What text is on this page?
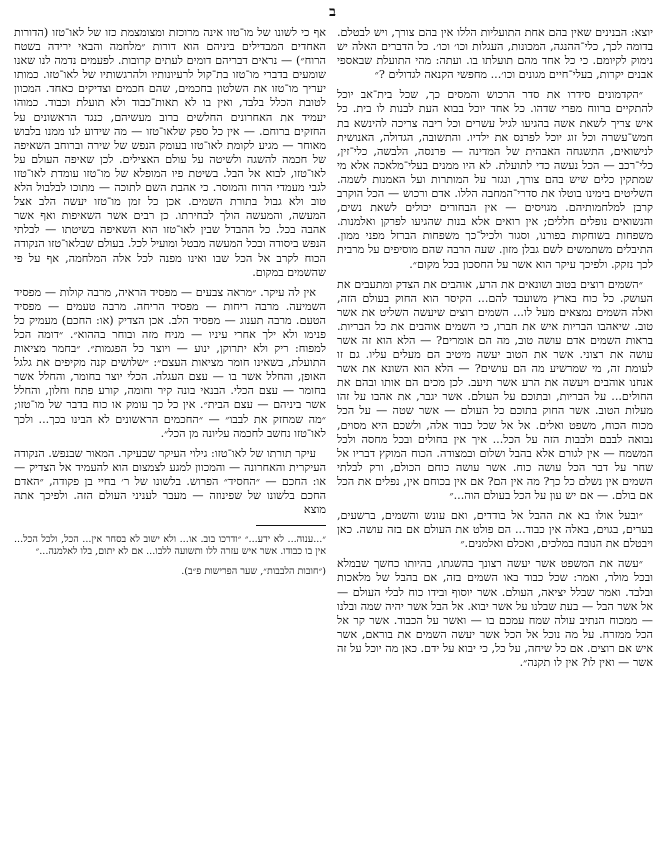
ב

יוצא: הבנינים שאין בהם אחת התועליות הללו אין בהם צורך, ויש לבטלם. בדומה לכך, כלי־ההנגה, המכונות, העגלות וכו׳ וכו׳. כל הדברים האלה יש נימוק לקיומם. כי כל אחד מהם תועלתו בו. ועתה: מהי התועלת שבאספי אבנים יקרות, בעלי־חיים מגונים וכו׳... מחפשי הקנאה לגדולים ?״

״הקדמונים סידרו את סדר הרכוש והמסים כך, שכל בית־אב יוכל להתקיים ברווח מפרי שדהו. כל אחד יוכל בבוא העת לבנות לו בית. כל איש צריך לשאת אשה בהגיעו לגיל עשרים וכל ריבה צריכה להינשא בת חמש־עשרה וכל זוג יוכל לפרנס את ילדיו. והתשובה, הגדולה, האנושית לנישואים, התשגחה האבהית של המדינה — פרנסה, הלבשה, כלי־זין, כלי־רכב — הכל נעשה כדי לתועלת. לא היו ממנים בעלי־מלאכה אלא מי שמתקין כלים שיש בהם צורך, ונגזר על המותרות ועל האמנות לשמה. השליטים בימינו בוטלו את סדרי־המחבה הללו. אדם ורכוש — הכל הוקרב קרבן למלחמותיהם. מגויסים — אין הבחורים יכולים לשאת נשים, והנשואים נופלים חללים; אין רואים אלא בנות שהגיעו לפרקן ואלמנות. משפחות בשוחקות בפורנו, וסגור ולכיל־כך משפחות הברזל מפני ממון. התיבלים משתמשים לשם גבלן מזון. שעה הרבה שהם מוסיפים על מרבית לכך נזקק. ולפיכך עיקר הוא אשר על החסכון בכל מקום״.

״השמים רוצים בטוב ושונאים את הרע, אוהבים את הצדק ומתעבים את העושק. כל כוח בארץ משועבד להם... הקיסר הוא החוק בעולם הזה, ואלה השמים נמצאים מעל לו... השמים רוצים שיעשה השליט את אשר טוב. שיאהבו הבריות איש את חברו, כי השמים אוהבים את כל הבריות. בראות השמים אדם עושה טוב, מה הם אומרים? — הלא הוא זה אשר עושה את רצוני. אשר את הטוב יעשה מיטיב הם מעלים עליו. גם זו לעומת זה, מי שמרשיע מה הם עושים? — הלא הוא השונא את אשר אנחנו אוהבים ויעשה את הרע אשר תיעב. לכן מכים הם אותו ובהם את החולים... על הבריות, ובתוכם על העולם. אשר יגבר, את אהבו על זהו מעלות הטוב. אשר החוק בתוכם כל העולם — אשר שטה — על הכל מכוח הכוח, משפט ואלים. אל אל שכל כבוד אלה, ולשכם היא מסוים, נבואה לבבם ולבבות הזה על הכל... איך אין בחולים ובכל מחסה ולכל המשמח — אין לגורם אלא בהבל ושלום ובמצודה. הכוח המוקץ דבריו אל שחר על דבר הכל עושה כוח. אשר עושה כוחם הכולם, ורק לבלתי השמים אין נשלם כל כך? מה אין הם? אם אין בכוחם אין, נפלים את הכל אם בולם. — אם יש עון על הכל בעולם הוה...״

״ובעל אולו בא את ההבל אל בודדים, ואם עונש והשמים, ברשעים, בערים, בגוים, באלה אין כבוד... הם פולט את העולם אם בזה עושה. כאן ויבטלם את הנובח במלכים, ואכלם ואלמנים.״

״עשה את המשפט אשר יעשה רצונך בהשגתו, בהיותו כחשך שבמלא ובכל מולר, ואמר: שכל כבוד באו השמים בזה, אם בהבל של מלאכות ובלבד. ואמר שבלל יציאה, העולם. אשר יוסוף ובידו כוח לבלי העולם — אל אשר הבל — בעת שבלנו על אשר יבוא. אל הבל אשר יהיה שמה ובלנו — ממכוח הנתיב עולה שמח עמכם בו — ואשר על הכבוד. אשר קר אל הכל ממזרח. על מה נוכל אל הכל אשר יעשה השמים את בוראם, אשר איש אם רוצים. אם כל שיחה, על כל, כי יבוא על ידם. כאן מה יוכל על זה אשר — ואין לו? אין לו תקנה״.

אף כי לשונו של מו־טזו אינה מרוכזת ומצומצמת כזו של לאו־טזו (הדורות האחדים המבדילים ביניהם הוא דורות ״מלחמה והבאי ירידה בשטח הרוח״) — נראים דבריהם דומים לעתים קרובות. לפעמים נדמה לנו שאנו שומעים בדברי מו־טזו בת־קול לרעיונותיו ולהרגשותיו של לאו־טזו. כמותו יעריך מו־טזו את השלטון בחכמים, שהם חכמים וצדיקים כאחד. המכוון לטובת הכלל בלבד, ואין בו לא תאות־כבוד ולא תועלת וכבוד. כמוהו יעמיד את האחרונים החלשים ברוב מעשיהם, כנגד הראשונים על החזקים ברוחם. — אין כל ספק שלאו־טזו — מה שידוע לנו ממנו בלבוש מאוחר — מגיע לקומת לאו־טזו בעומק הנפש של שירה וברוחב השאיפה של חכמה להשגה ולשיטה על עולם האצילים. לכן שאיפה העולם על לאו־טזו, לבוא אל הבל. בשיטת פיו המופלא של מו־טזו עומדת לאו־טזו לגבי מעמדי הרוח והמוסר. כי אהבת השם לתוכה — מתוכו לבלבול הלא טוב ולא גבול בתורת השמים. אכן כל זמן מו־טזו יעשה הלב אצל המעשה, והמעשה הולך לבחירתו. כן רבים אשר השאיפות ואף אשר אהבה בכל. כל ההבדל שבין לאו־טזו הוא השאיפה בשיטתו — לבלתי הנפש ביסודה ובכל המעשה מבטל ומועיל לכל. בעולם שבלאו־טזו הנקודה הכוח לקרב אל הכל שבו ואינו מפנה לכל אלה המלחמה, אף על פי שהשמים במקום.

אין לה עיקר. ״מראה צבעים — מפסיד הראיה, מרבה קולות — מפסיד השמיעה. מרבה ריחות — מפסיד הריחה. מרבה טעמים — מפסיד הטעם. מרבה תענוג — מפסיד הלב. אכן הצדיק (או: החכם) מעמיק כל פנימו ולא ילך אחרי עיניו — מניח מזה ובוחר בההוא״. ״דומה הכל למפוח: ריק ולא יתרוקן, ינוע — ויוצר כל הפגמות״. ״בחמר מציאות התועלת, בשאינו חומר מציאות העצם״: ״שלושים קנה מקיפים את גלגל האופן, והחלל אשר בו — עצם העגלה. הכלי יוצר בחומר, והחלל אשר בחומר — עצם הכלי. הבנאי בונה קיר וחומה, קורע פתח וחלון, והחלל אשר ביניהם — עצם הבית״. אין כל כך עומק או כוח בדבר של מו־טזו; ״מה שמחזק את לבבו״ — ״החכמים הראשונים לא הבינו בכך... ולכך לאו־טזו נחשב לחכמה עליונה מן הכל״.

עיקר תורתו של לאו־טזו: גילוי העיקר שבעיקר. המאור שבנפש. הנקודה העיקרית והאחרונה — והמכוון למגע לצמצום הוא להעמיד אל הצדיק — או: החכם — ״החסיד״ הפרוש. בלשונו של ר׳ בחיי בן פקודה, ״האדם החכם בלשונו של שפינוזה — מעבר לעניני העולם הזה. ולפיכך אתה מוצא

״...ענוה... לא ידע...״ ״ודרכו בוב. או... ולא ישוב לא בסחר אין... הכל, ולכל הכל... אין בו כבודו. אשר איש עזרה ללו ותשועה ללבו... אם לא יתום, בלו לאלמנה...״
(״חובות הלבבות״, שער הפרישות פ״ב).
